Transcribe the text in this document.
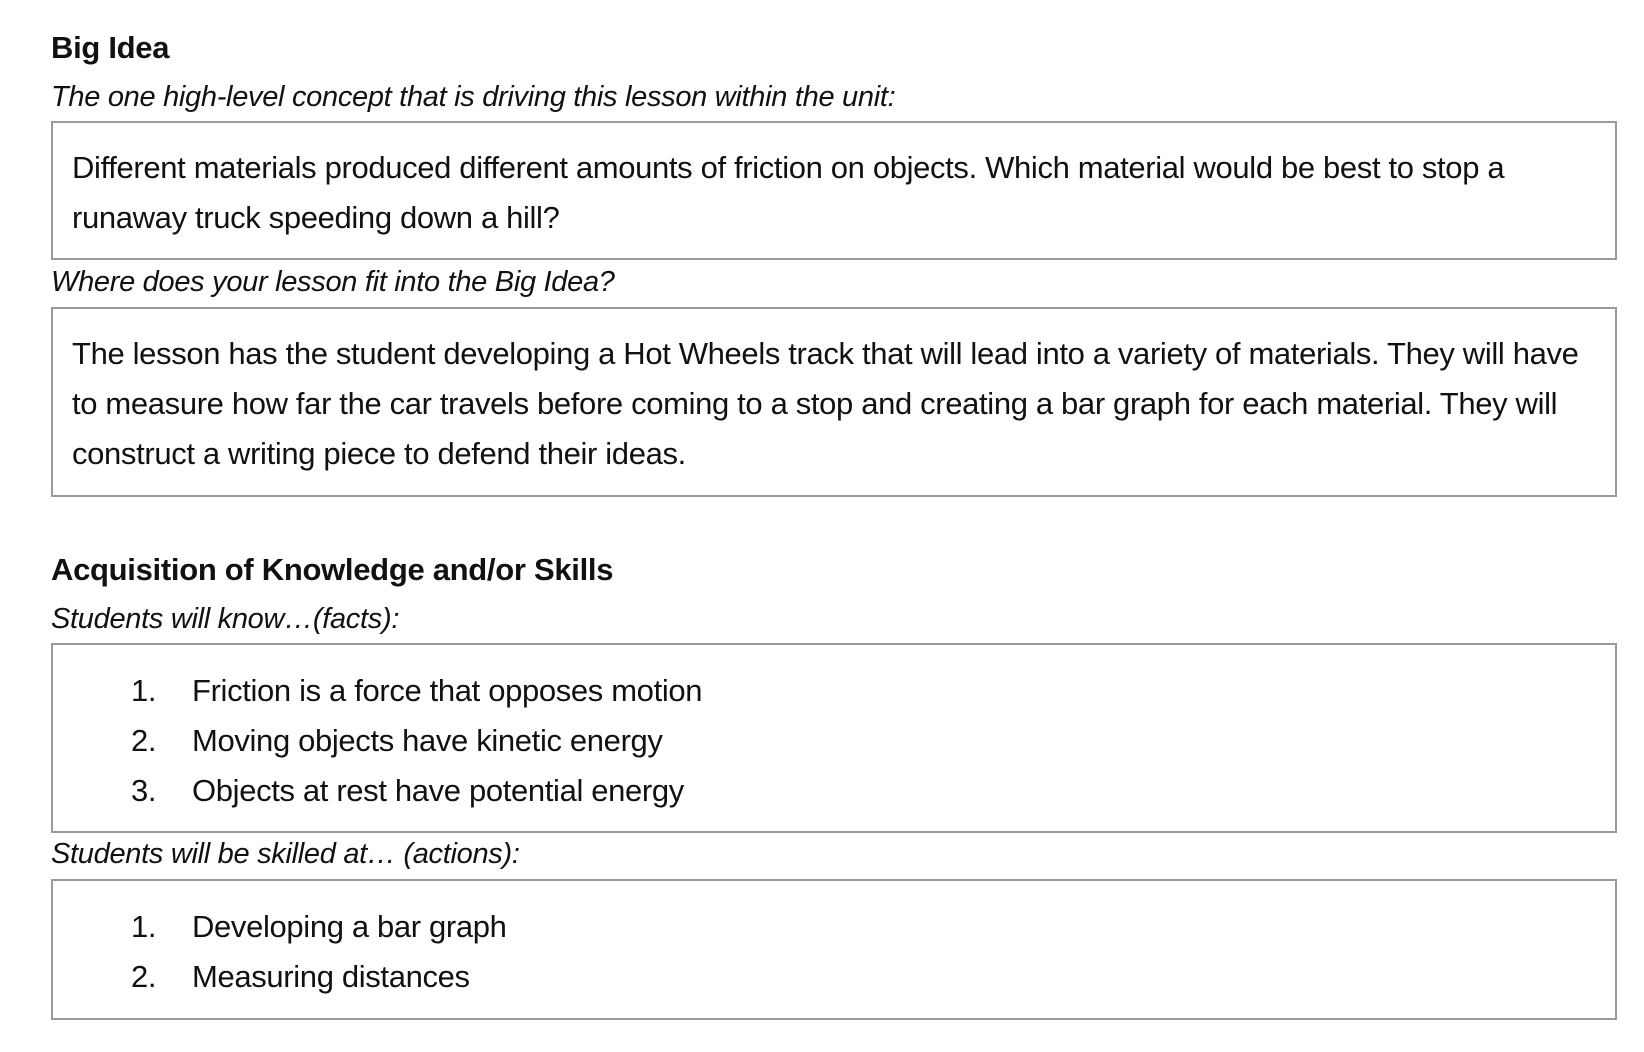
Big Idea
The one high-level concept that is driving this lesson within the unit:

Different materials produced different amounts of friction on objects. Which material would be best to stop a runaway truck speeding down a hill?

Where does your lesson fit into the Big Idea?

The lesson has the student developing a Hot Wheels track that will lead into a variety of materials. They will have to measure how far the car travels before coming to a stop and creating a bar graph for each material. They will construct a writing piece to defend their ideas.

Acquisition of Knowledge and/or Skills
Students will know…(facts):
1. Friction is a force that opposes motion
2. Moving objects have kinetic energy
3. Objects at rest have potential energy
Students will be skilled at… (actions):
1. Developing a bar graph
2. Measuring distances
